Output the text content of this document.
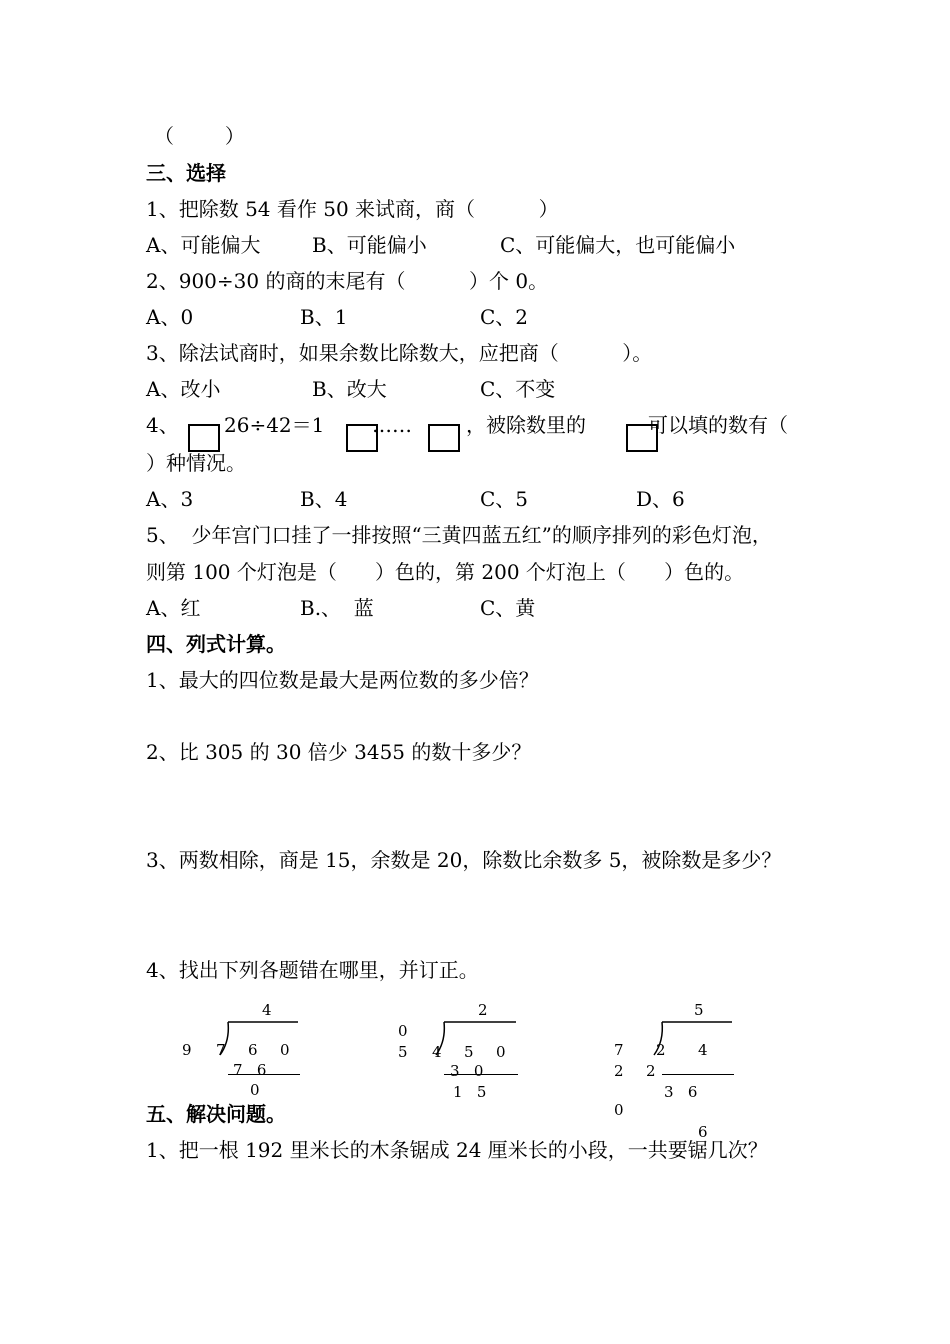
（        ）
三、选择
1、把除数 54 看作 50 来试商，商（          ）
A、可能偏大	B、可能偏小	C、可能偏大，也可能偏小
2、900÷30 的商的末尾有（          ）个 0。
A、0	B、1	C、2
3、除法试商时，如果余数比除数大，应把商（          ）。
A、改小	B、改大	C、不变
4、 26÷42＝1 ……	，被除数里的	可以填的数有（
）种情况。
A、3	B、4	C、5	D、6
5、  少年宫门口挂了一排按照“三黄四蓝五红”的顺序排列的彩色灯泡，
则第 100 个灯泡是（      ）色的，第 200 个灯泡上（      ）色的。
A、红	B.、  蓝	C、黄
四、列式计算。
1、最大的四位数是最大是两位数的多少倍？
2、比 305 的 30 倍少 3455 的数十多少？
3、两数相除，商是 15，余数是 20，除数比余数多 5，被除数是多少？
4、找出下列各题错在哪里，并订正。
4
9 7 6 0
7   6
0
2
0
5 4 5 0
3   0
1   5
5
7 2 4
2 2
3   6
0
6
五、解决问题。
1、把一根 192 里米长的木条锯成 24 厘米长的小段，一共要锯几次？
